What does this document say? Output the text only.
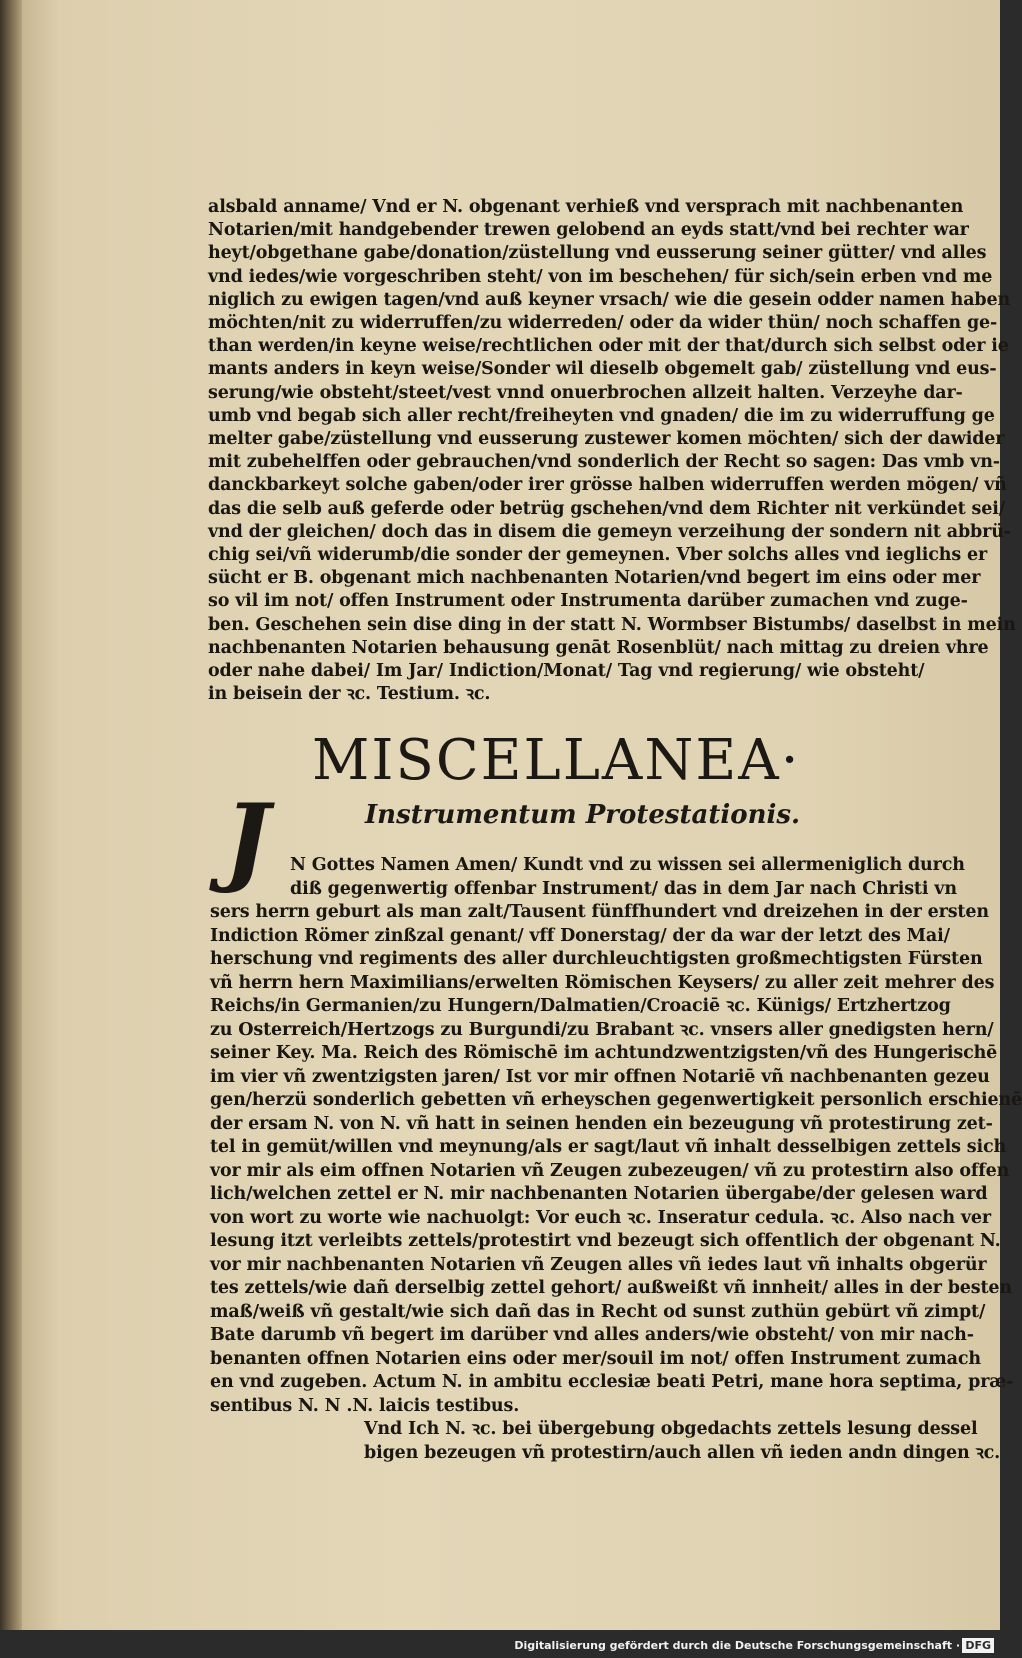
alsbald anname/ Vnd er N. obgenant verhieß vnd versprach mit nachbenanten
Notarien/mit handgebender trewen gelobend an eyds statt/vnd bei rechter war
heyt/obgethane gabe/donation/züstellung vnd eusserung seiner gütter/ vnd alles
vnd iedes/wie vorgeschriben steht/ von im beschehen/ für sich/sein erben vnd me
niglich zu ewigen tagen/vnd auß keyner vrsach/ wie die gesein odder namen haben
möchten/nit zu widerruffen/zu widerreden/ oder da wider thün/ noch schaffen ge-
than werden/in keyne weise/rechtlichen oder mit der that/durch sich selbst oder ie
mants anders in keyn weise/Sonder wil dieselb obgemelt gab/ züstellung vnd eus-
serung/wie obsteht/steet/vest vnnd onuerbrochen allzeit halten. Verzeyhe dar-
umb vnd begab sich aller recht/freiheyten vnd gnaden/ die im zu widerruffung ge
melter gabe/züstellung vnd eusserung zustewer komen möchten/ sich der dawider
mit zubehelffen oder gebrauchen/vnd sonderlich der Recht so sagen: Das vmb vn-
danckbarkeyt solche gaben/oder irer grösse halben widerruffen werden mögen/ vñ
das die selb auß geferde oder betrüg gschehen/vnd dem Richter nit verkündet sei/
vnd der gleichen/ doch das in disem die gemeyn verzeihung der sondern nit abbrü-
chig sei/vñ widerumb/die sonder der gemeynen. Vber solchs alles vnd ieglichs er
sücht er B. obgenant mich nachbenanten Notarien/vnd begert im eins oder mer
so vil im not/ offen Instrument oder Instrumenta darüber zumachen vnd zuge-
ben. Geschehen sein dise ding in der statt N. Wormbser Bistumbs/ daselbst in mein
nachbenanten Notarien behausung genāt Rosenblüt/ nach mittag zu dreien vhre
oder nahe dabei/ Im Jar/ Indiction/Monat/ Tag vnd regierung/ wie obsteht/
in beisein der ꝛc. Testium. ꝛc.
MISCELLANEA·
J	Instrumentum Protestationis.
N Gottes Namen Amen/ Kundt vnd zu wissen sei allermeniglich durch
diß gegenwertig offenbar Instrument/ das in dem Jar nach Christi vn
sers herrn geburt als man zalt/Tausent fünffhundert vnd dreizehen in der ersten
Indiction Römer zinßzal genant/ vff Donerstag/ der da war der letzt des Mai/
herschung vnd regiments des aller durchleuchtigsten großmechtigsten Fürsten
vñ herrn hern Maximilians/erwelten Römischen Keysers/ zu aller zeit mehrer des
Reichs/in Germanien/zu Hungern/Dalmatien/Croaciē ꝛc. Künigs/ Ertzhertzog
zu Osterreich/Hertzogs zu Burgundi/zu Brabant ꝛc. vnsers aller gnedigsten hern/
seiner Key. Ma. Reich des Römischē im achtundzwentzigsten/vñ des Hungerischē
im vier vñ zwentzigsten jaren/ Ist vor mir offnen Notariē vñ nachbenanten gezeu
gen/herzü sonderlich gebetten vñ erheyschen gegenwertigkeit personlich erschienē
der ersam N. von N. vñ hatt in seinen henden ein bezeugung vñ protestirung zet-
tel in gemüt/willen vnd meynung/als er sagt/laut vñ inhalt desselbigen zettels sich
vor mir als eim offnen Notarien vñ Zeugen zubezeugen/ vñ zu protestirn also offen
lich/welchen zettel er N. mir nachbenanten Notarien übergabe/der gelesen ward
von wort zu worte wie nachuolgt: Vor euch ꝛc. Inseratur cedula. ꝛc. Also nach ver
lesung itzt verleibts zettels/protestirt vnd bezeugt sich offentlich der obgenant N.
vor mir nachbenanten Notarien vñ Zeugen alles vñ iedes laut vñ inhalts obgerür
tes zettels/wie dañ derselbig zettel gehort/ außweißt vñ innheit/ alles in der besten
maß/weiß vñ gestalt/wie sich dañ das in Recht od sunst zuthün gebürt vñ zimpt/
Bate darumb vñ begert im darüber vnd alles anders/wie obsteht/ von mir nach-
benanten offnen Notarien eins oder mer/souil im not/ offen Instrument zumach
en vnd zugeben. Actum N. in ambitu ecclesiæ beati Petri, mane hora septima, præ-
sentibus N. N .N. laicis testibus.
Vnd Ich N. ꝛc. bei übergebung obgedachts zettels lesung dessel
bigen bezeugen vñ protestirn/auch allen vñ ieden andn dingen ꝛc.
Digitalisierung gefördert durch die Deutsche Forschungsgemeinschaft · DFG
